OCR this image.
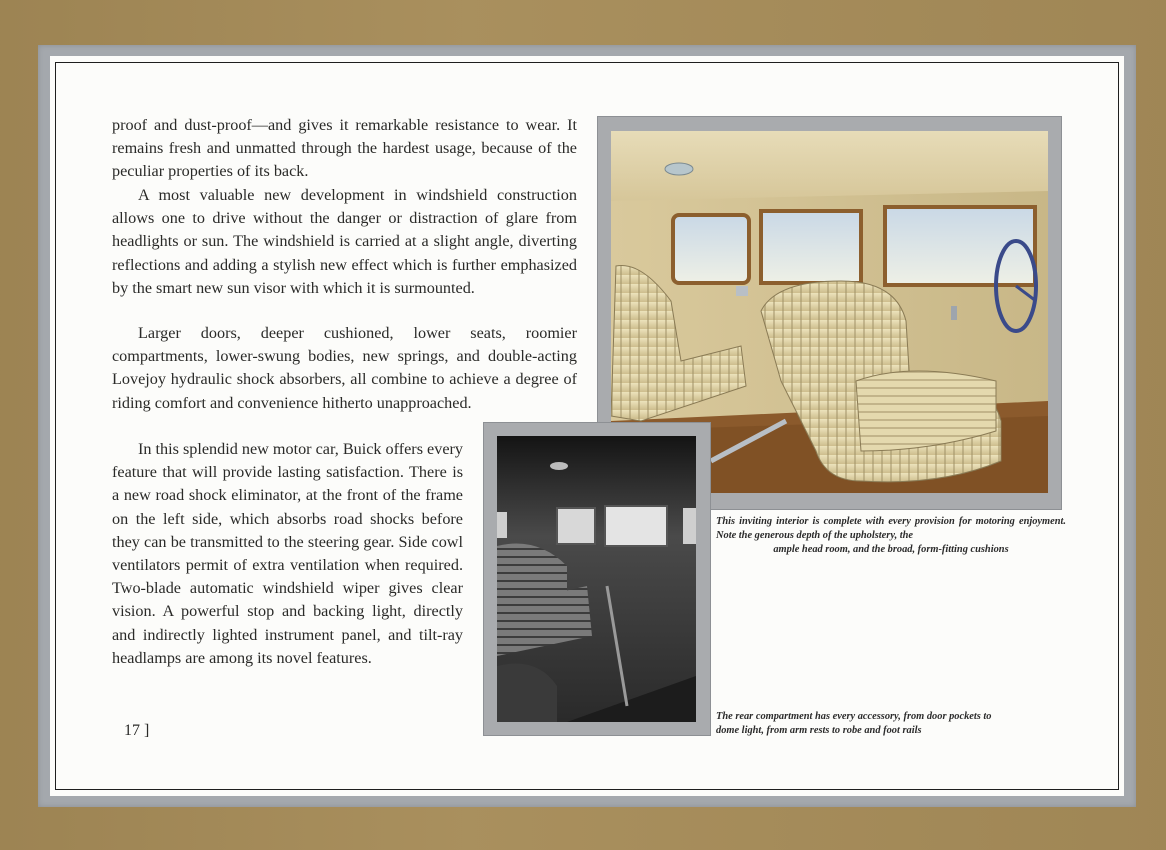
proof and dust-proof—and gives it remarkable resistance to wear. It remains fresh and unmatted through the hardest usage, because of the peculiar properties of its back.

A most valuable new development in windshield construction allows one to drive without the danger or distraction of glare from headlights or sun. The windshield is carried at a slight angle, diverting reflections and adding a stylish new effect which is further emphasized by the smart new sun visor with which it is surmounted.

Larger doors, deeper cushioned, lower seats, roomier compartments, lower-swung bodies, new springs, and double-acting Lovejoy hydraulic shock absorbers, all combine to achieve a degree of riding comfort and convenience hitherto unapproached.

In this splendid new motor car, Buick offers every feature that will provide lasting satisfaction. There is a new road shock eliminator, at the front of the frame on the left side, which absorbs road shocks before they can be transmitted to the steering gear. Side cowl ventilators permit of extra ventilation when required. Two-blade automatic windshield wiper gives clear vision. A powerful stop and backing light, directly and indirectly lighted instrument panel, and tilt-ray headlamps are among its novel features.

17 ]

This inviting interior is complete with every provision for motoring enjoyment. Note the generous depth of the upholstery, the
ample head room, and the broad, form-fitting cushions

The rear compartment has every accessory, from door pockets to
dome light, from arm rests to robe and foot rails
